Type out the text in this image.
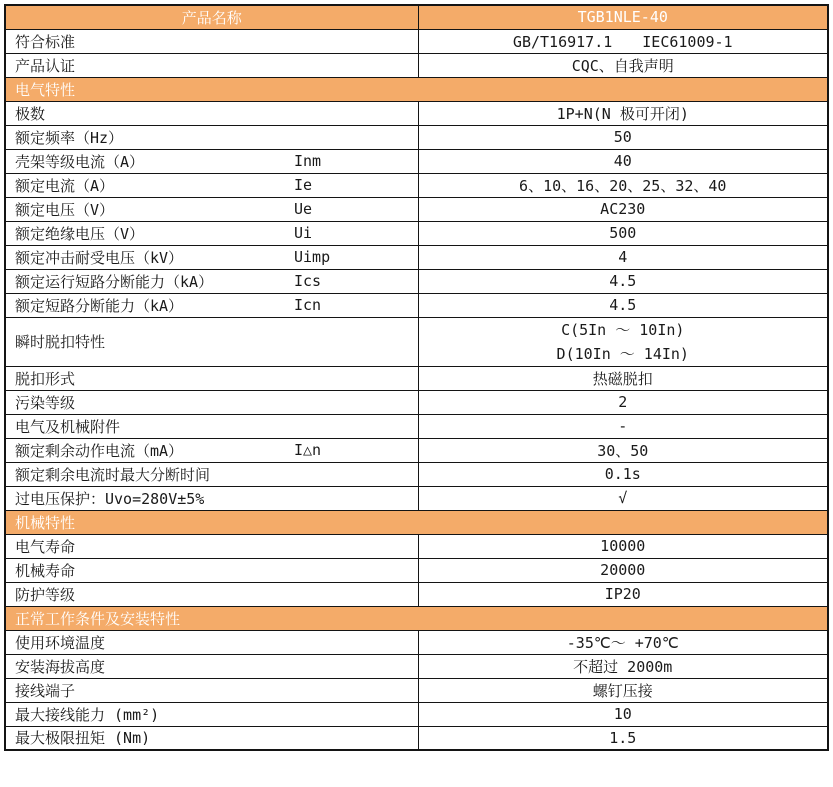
产品名称	TGB1NLE-40
符合标准	GB/T16917.1　　IEC61009-1
产品认证	CQC、自我声明
电气特性	
极数	1P+N(N 极可开闭)
额定频率（Hz）	50
壳架等级电流（A） Inm	40
额定电流（A） Ie	6、10、16、20、25、32、40
额定电压（V） Ue	AC230
额定绝缘电压（V） Ui	500
额定冲击耐受电压（kV） Uimp	4
额定运行短路分断能力（kA） Ics	4.5
额定短路分断能力（kA） Icn	4.5
瞬时脱扣特性	C(5In ～ 10In)
D(10In ～ 14In)

脱扣形式	热磁脱扣
污染等级	2
电气及机械附件	-
额定剩余动作电流（mA） I△n	30、50
额定剩余电流时最大分断时间	0.1s
过电压保护：Uvo=280V±5%	√
机械特性	
电气寿命	10000
机械寿命	20000
防护等级	IP20
正常工作条件及安装特性	
使用环境温度	-35℃～ +70℃
安装海拔高度	不超过 2000m
接线端子	螺钉压接
最大接线能力 (mm²)	10
最大极限扭矩 (Nm)	1.5
